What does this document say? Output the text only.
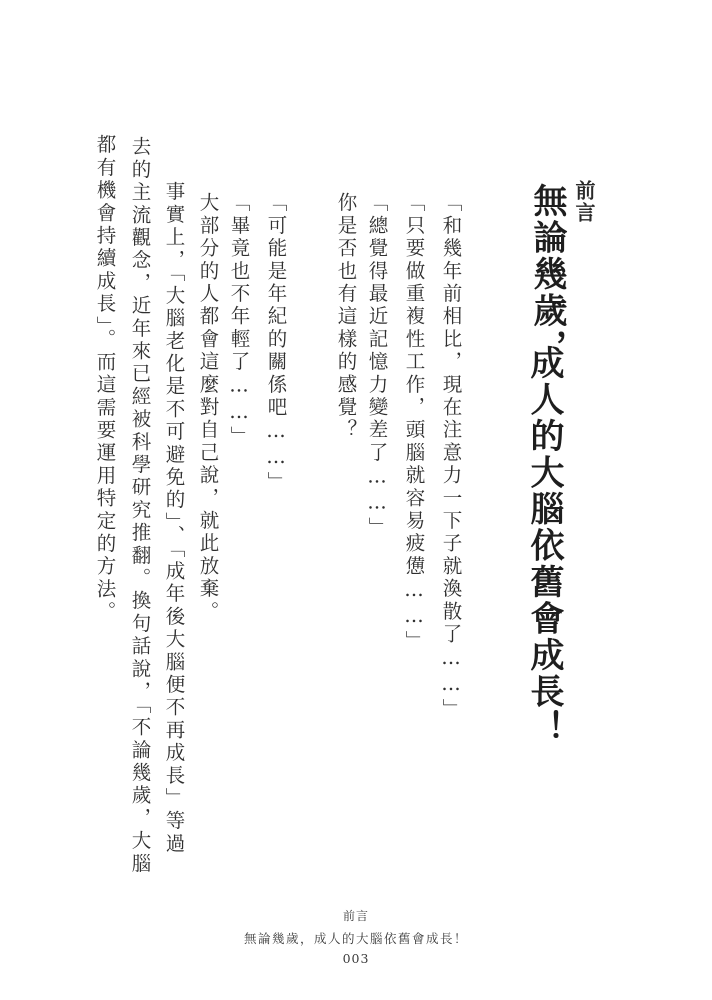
前言
無論幾歲，
成人的大腦依舊會成長！
「和幾年前相比，現在注意力一下子就渙散了……」
「只要做重複性工作，頭腦就容易疲憊……」
「總覺得最近記憶力變差了……」
你是否也有這樣的感覺？
「可能是年紀的關係吧……」
「畢竟也不年輕了……」
大部分的人都會這麼對自己說，就此放棄。
事實上，「大腦老化是不可避免的」、「成年後大腦便不再成長」等過
去的主流觀念，近年來已經被科學研究推翻。換句話說，「不論幾歲，大腦
都有機會持續成長」。而這需要運用特定的方法。
前言
無論幾歲，成人的大腦依舊會成長！
003
